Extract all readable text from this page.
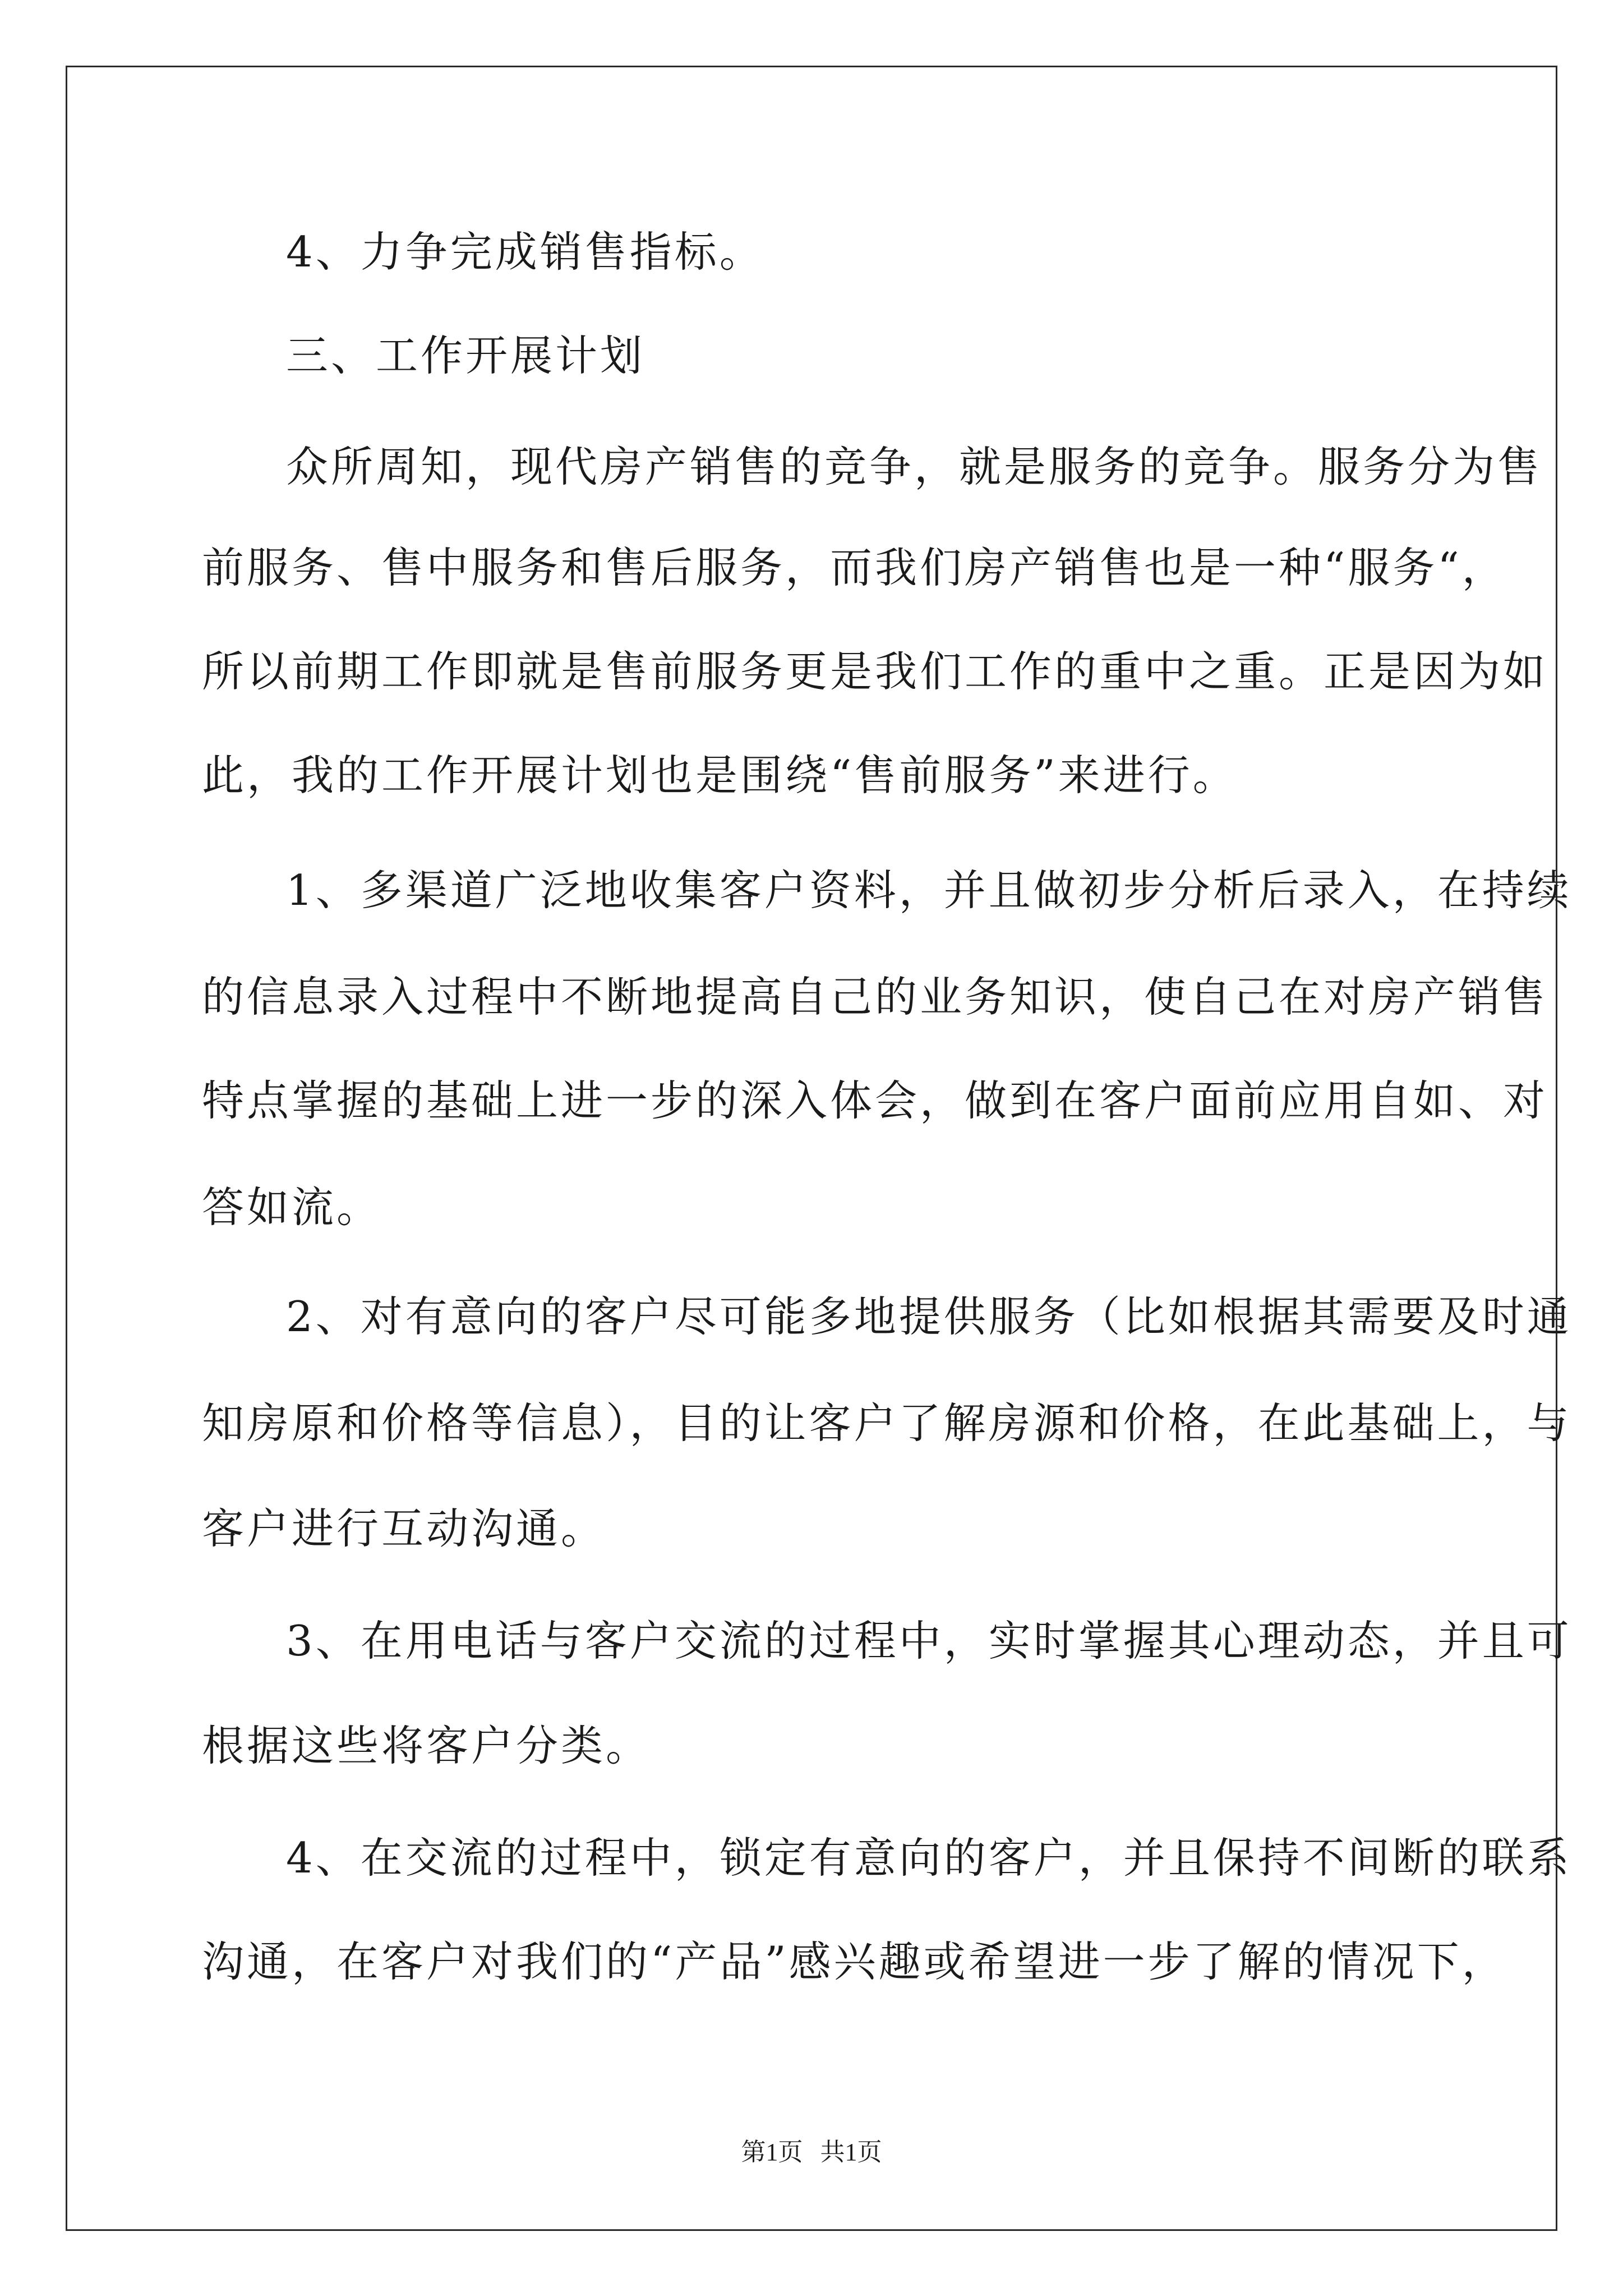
4、力争完成销售指标。

三、工作开展计划

众所周知，现代房产销售的竞争，就是服务的竞争。服务分为售

前服务、售中服务和售后服务，而我们房产销售也是一种“服务“，

所以前期工作即就是售前服务更是我们工作的重中之重。正是因为如

此，我的工作开展计划也是围绕“售前服务”来进行。

1、多渠道广泛地收集客户资料，并且做初步分析后录入，在持续

的信息录入过程中不断地提高自己的业务知识，使自己在对房产销售

特点掌握的基础上进一步的深入体会，做到在客户面前应用自如、对

答如流。

2、对有意向的客户尽可能多地提供服务（比如根据其需要及时通

知房原和价格等信息），目的让客户了解房源和价格，在此基础上，与

客户进行互动沟通。

3、在用电话与客户交流的过程中，实时掌握其心理动态，并且可

根据这些将客户分类。

4、在交流的过程中，锁定有意向的客户，并且保持不间断的联系

沟通，在客户对我们的“产品”感兴趣或希望进一步了解的情况下，

第1页 共1页
